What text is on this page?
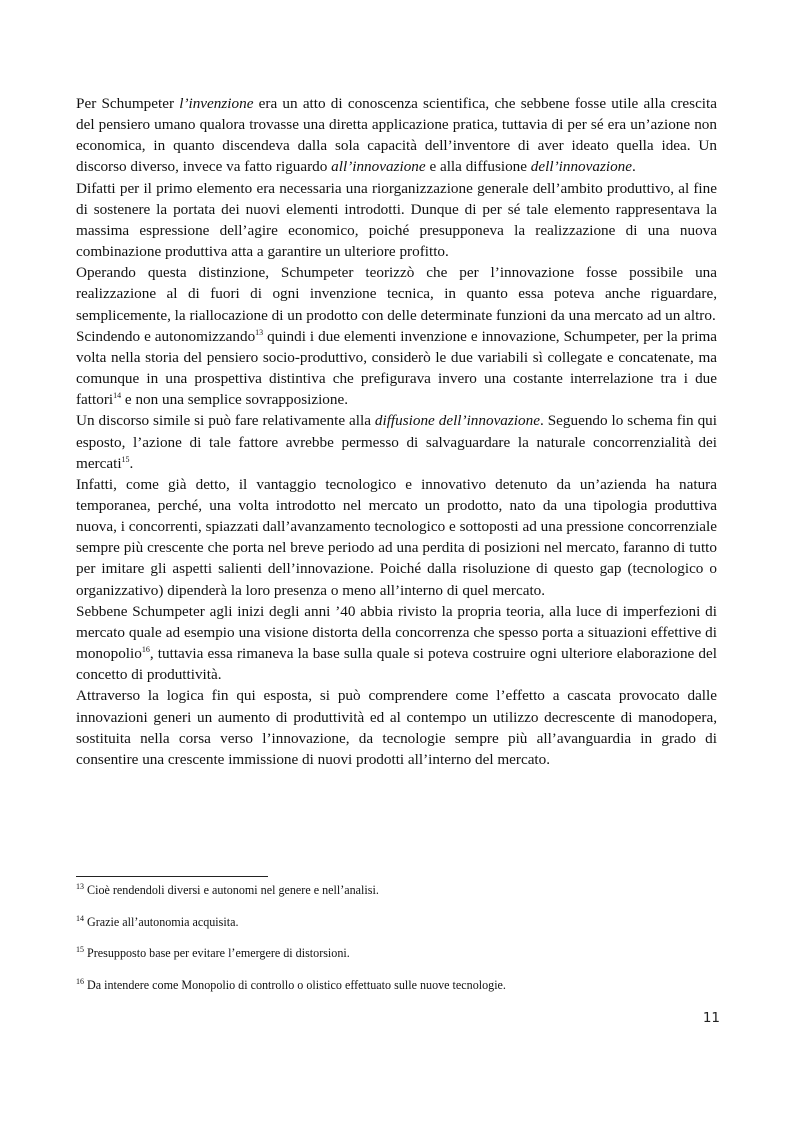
Per Schumpeter l’invenzione era un atto di conoscenza scientifica, che sebbene fosse utile alla crescita del pensiero umano qualora trovasse una diretta applicazione pratica, tuttavia di per sé era un’azione non economica, in quanto discendeva dalla sola capacità dell’inventore di aver ideato quella idea. Un discorso diverso, invece va fatto riguardo all’innovazione e alla diffusione dell’innovazione.

Difatti per il primo elemento era necessaria una riorganizzazione generale dell’ambito produttivo, al fine di sostenere la portata dei nuovi elementi introdotti. Dunque di per sé tale elemento rappresentava la massima espressione dell’agire economico, poiché presupponeva la realizzazione di una nuova combinazione produttiva atta a garantire un ulteriore profitto.

Operando questa distinzione, Schumpeter teorizzò che per l’innovazione fosse possibile una realizzazione al di fuori di ogni invenzione tecnica, in quanto essa poteva anche riguardare, semplicemente, la riallocazione di un prodotto con delle determinate funzioni da una mercato ad un altro.

Scindendo e autonomizzando$^{13}$ quindi i due elementi invenzione e innovazione, Schumpeter, per la prima volta nella storia del pensiero socio-produttivo, considerò le due variabili sì collegate e concatenate, ma comunque in una prospettiva distintiva che prefigurava invero una costante interrelazione tra i due fattori$^{14}$ e non una semplice sovrapposizione.

Un discorso simile si può fare relativamente alla diffusione dell’innovazione. Seguendo lo schema fin qui esposto, l’azione di tale fattore avrebbe permesso di salvaguardare la naturale concorrenzialità dei mercati$^{15}$.

Infatti, come già detto, il vantaggio tecnologico e innovativo detenuto da un’azienda ha natura temporanea, perché, una volta introdotto nel mercato un prodotto, nato da una tipologia produttiva nuova, i concorrenti, spiazzati dall’avanzamento tecnologico e sottoposti ad una pressione concorrenziale sempre più crescente che porta nel breve periodo ad una perdita di posizioni nel mercato, faranno di tutto per imitare gli aspetti salienti dell’innovazione. Poiché dalla risoluzione di questo gap (tecnologico o organizzativo) dipenderà la loro presenza o meno all’interno di quel mercato.

Sebbene Schumpeter agli inizi degli anni ’40 abbia rivisto la propria teoria, alla luce di imperfezioni di mercato quale ad esempio una visione distorta della concorrenza che spesso porta a situazioni effettive di monopolio$^{16}$, tuttavia essa rimaneva la base sulla quale si poteva costruire ogni ulteriore elaborazione del concetto di produttività.

Attraverso la logica fin qui esposta, si può comprendere come l’effetto a cascata provocato dalle innovazioni generi un aumento di produttività ed al contempo un utilizzo decrescente di manodopera, sostituita nella corsa verso l’innovazione, da tecnologie sempre più all’avanguardia in grado di consentire una crescente immissione di nuovi prodotti all’interno del mercato.

$^{13}$ Cioè rendendoli diversi e autonomi nel genere e nell’analisi.

$^{14}$ Grazie all’autonomia acquisita.

$^{15}$ Presupposto base per evitare l’emergere di distorsioni.

$^{16}$ Da intendere come Monopolio di controllo o olistico effettuato sulle nuove tecnologie.

11
